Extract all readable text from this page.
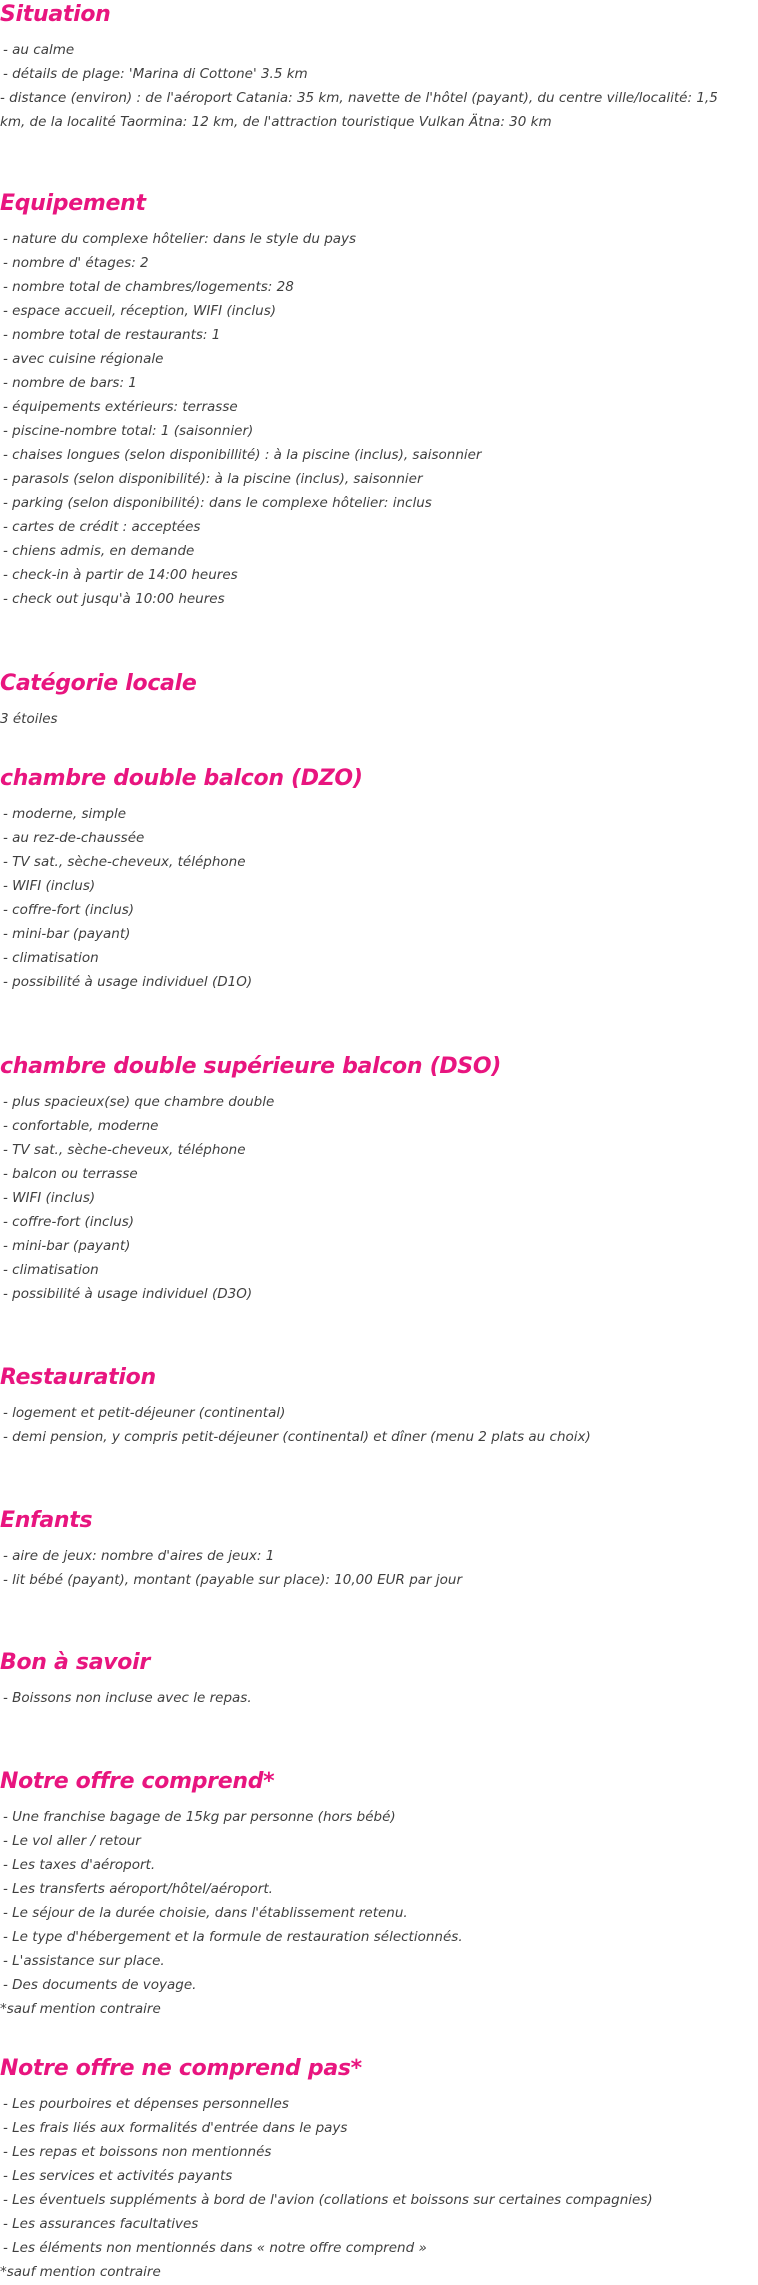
Situation
- au calme
- détails de plage: 'Marina di Cottone' 3.5 km
- distance (environ) : de l'aéroport Catania: 35 km, navette de l'hôtel (payant), du centre ville/localité: 1,5 km, de la localité Taormina: 12 km, de l'attraction touristique Vulkan Ätna: 30 km
Equipement
- nature du complexe hôtelier: dans le style du pays
- nombre d' étages: 2
- nombre total de chambres/logements: 28
- espace accueil, réception, WIFI (inclus)
- nombre total de restaurants: 1
- avec cuisine régionale
- nombre de bars: 1
- équipements extérieurs: terrasse
- piscine-nombre total: 1 (saisonnier)
- chaises longues (selon disponibillité) : à la piscine (inclus), saisonnier
- parasols (selon disponibilité): à la piscine (inclus), saisonnier
- parking (selon disponibilité): dans le complexe hôtelier: inclus
- cartes de crédit : acceptées
- chiens admis, en demande
- check-in à partir de 14:00 heures
- check out jusqu'à 10:00 heures
Catégorie locale
3 étoiles
chambre double balcon (DZO)
- moderne, simple
- au rez-de-chaussée
- TV sat., sèche-cheveux, téléphone
- WIFI (inclus)
- coffre-fort (inclus)
- mini-bar (payant)
- climatisation
- possibilité à usage individuel (D1O)
chambre double supérieure balcon (DSO)
- plus spacieux(se) que chambre double
- confortable, moderne
- TV sat., sèche-cheveux, téléphone
- balcon ou terrasse
- WIFI (inclus)
- coffre-fort (inclus)
- mini-bar (payant)
- climatisation
- possibilité à usage individuel (D3O)
Restauration
- logement et petit-déjeuner (continental)
- demi pension, y compris petit-déjeuner (continental) et dîner (menu 2 plats au choix)
Enfants
- aire de jeux: nombre d'aires de jeux: 1
- lit bébé (payant), montant (payable sur place): 10,00 EUR par jour
Bon à savoir
- Boissons non incluse avec le repas.
Notre offre comprend*
- Une franchise bagage de 15kg par personne (hors bébé)
- Le vol aller / retour
- Les taxes d'aéroport.
- Les transferts aéroport/hôtel/aéroport.
- Le séjour de la durée choisie, dans l'établissement retenu.
- Le type d'hébergement et la formule de restauration sélectionnés.
- L'assistance sur place.
- Des documents de voyage.
*sauf mention contraire
Notre offre ne comprend pas*
- Les pourboires et dépenses personnelles
- Les frais liés aux formalités d'entrée dans le pays
- Les repas et boissons non mentionnés
- Les services et activités payants
- Les éventuels suppléments à bord de l'avion (collations et boissons sur certaines compagnies)
- Les assurances facultatives
- Les éléments non mentionnés dans « notre offre comprend »
*sauf mention contraire
